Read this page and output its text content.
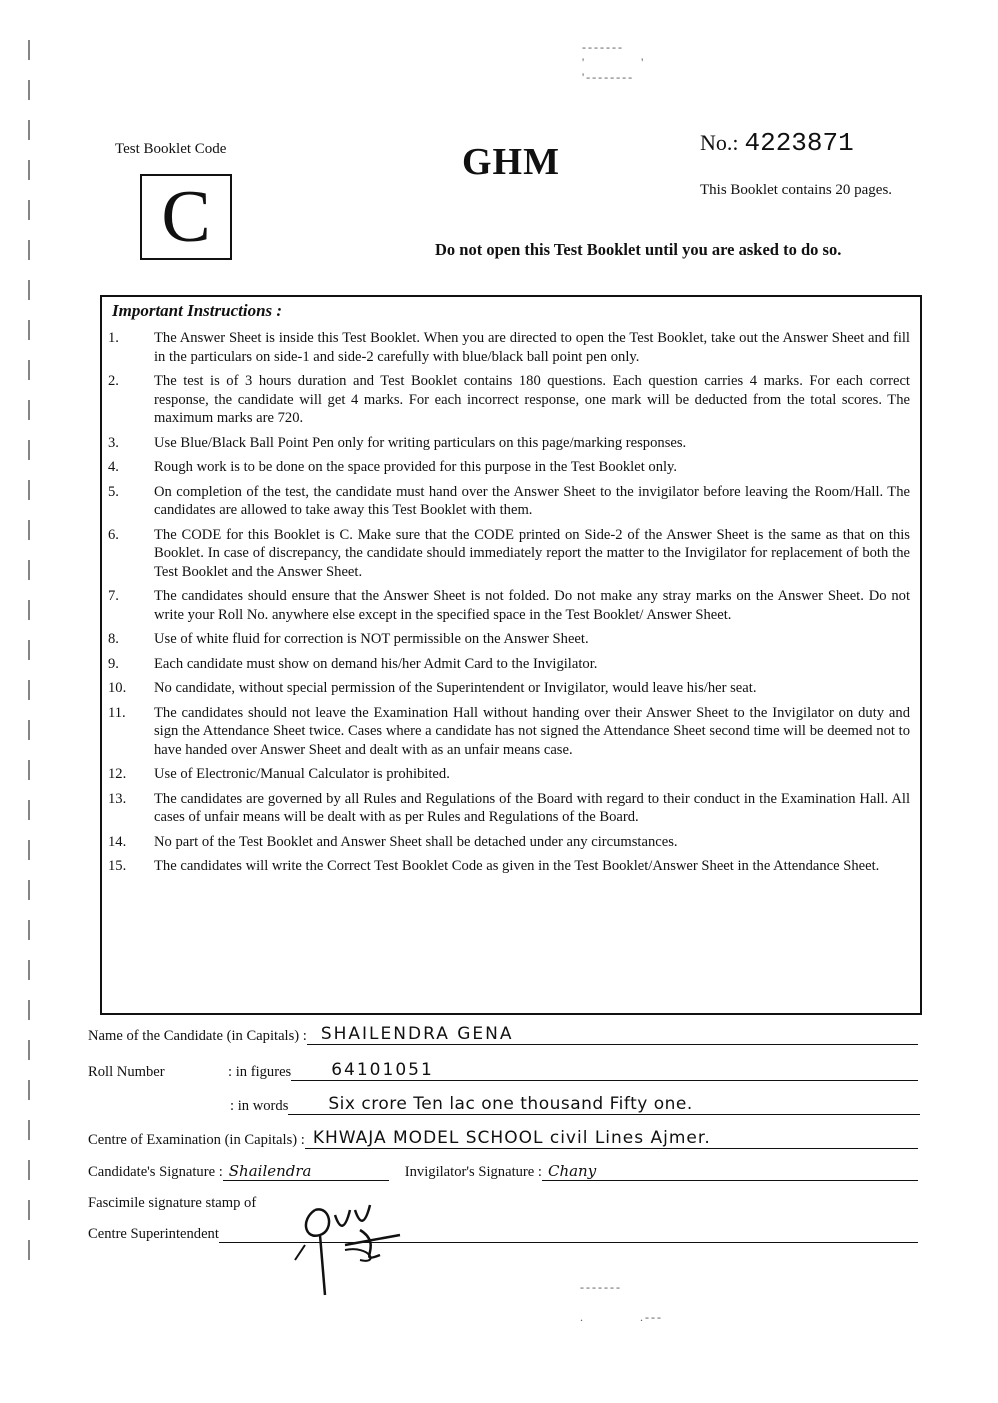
-------
'           '
'--------
Test Booklet Code
C
GHM	No.: 4223871
This Booklet contains 20 pages.
Do not open this Test Booklet until you are asked to do so.
Important Instructions :
1.	The Answer Sheet is inside this Test Booklet. When you are directed to open the Test Booklet, take out the Answer Sheet and fill in the particulars on side-1 and side-2 carefully with blue/black ball point pen only.
2.	The test is of 3 hours duration and Test Booklet contains 180 questions. Each question carries 4 marks. For each correct response, the candidate will get 4 marks. For each incorrect response, one mark will be deducted from the total scores. The maximum marks are 720.
3.	Use Blue/Black Ball Point Pen only for writing particulars on this page/marking responses.
4.	Rough work is to be done on the space provided for this purpose in the Test Booklet only.
5.	On completion of the test, the candidate must hand over the Answer Sheet to the invigilator before leaving the Room/Hall. The candidates are allowed to take away this Test Booklet with them.
6.	The CODE for this Booklet is C. Make sure that the CODE printed on Side-2 of the Answer Sheet is the same as that on this Booklet. In case of discrepancy, the candidate should immediately report the matter to the Invigilator for replacement of both the Test Booklet and the Answer Sheet.
7.	The candidates should ensure that the Answer Sheet is not folded. Do not make any stray marks on the Answer Sheet. Do not write your Roll No. anywhere else except in the specified space in the Test Booklet/ Answer Sheet.
8.	Use of white fluid for correction is NOT permissible on the Answer Sheet.
9.	Each candidate must show on demand his/her Admit Card to the Invigilator.
10.	No candidate, without special permission of the Superintendent or Invigilator, would leave his/her seat.
11.	The candidates should not leave the Examination Hall without handing over their Answer Sheet to the Invigilator on duty and sign the Attendance Sheet twice. Cases where a candidate has not signed the Attendance Sheet second time will be deemed not to have handed over Answer Sheet and dealt with as an unfair means case.
12.	Use of Electronic/Manual Calculator is prohibited.
13.	The candidates are governed by all Rules and Regulations of the Board with regard to their conduct in the Examination Hall. All cases of unfair means will be dealt with as per Rules and Regulations of the Board.
14.	No part of the Test Booklet and Answer Sheet shall be detached under any circumstances.
15.	The candidates will write the Correct Test Booklet Code as given in the Test Booklet/Answer Sheet in the Attendance Sheet.
Name of the Candidate (in Capitals) : SHAILENDRA GENA
Roll Number	: in figures	64101051
: in words	Six crore Ten lac one thousand Fifty one.
Centre of Examination (in Capitals) : KHWAJA MODEL SCHOOL civil Lines Ajmer.
Candidate's Signature : Shailendra	Invigilator's Signature : Chany
Fascimile signature stamp of
Centre Superintendent
-------

.           .---
